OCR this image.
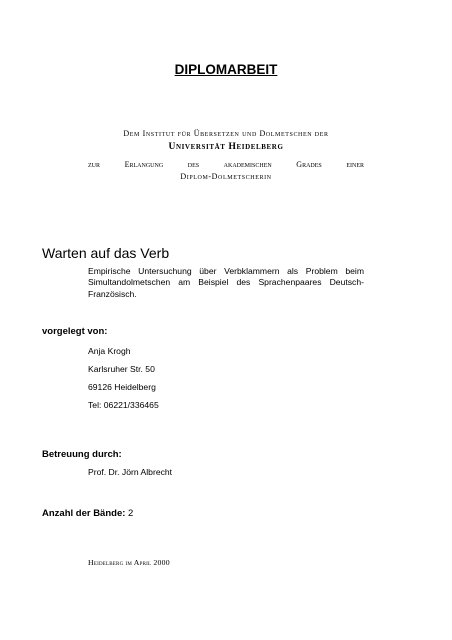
DIPLOMARBEIT
Dem Institut für Übersetzen und Dolmetschen der
Universität Heidelberg
zur Erlangung des akademischen Grades einer
Diplom-Dolmetscherin
Warten auf das Verb
Empirische Untersuchung über Verbklammern als Problem beim Simultandolmetschen am Beispiel des Sprachenpaares Deutsch-Französisch.
vorgelegt von:
Anja Krogh
Karlsruher Str. 50
69126 Heidelberg
Tel: 06221/336465
Betreuung durch:
Prof. Dr. Jörn Albrecht
Anzahl der Bände: 2
Heidelberg im April 2000
